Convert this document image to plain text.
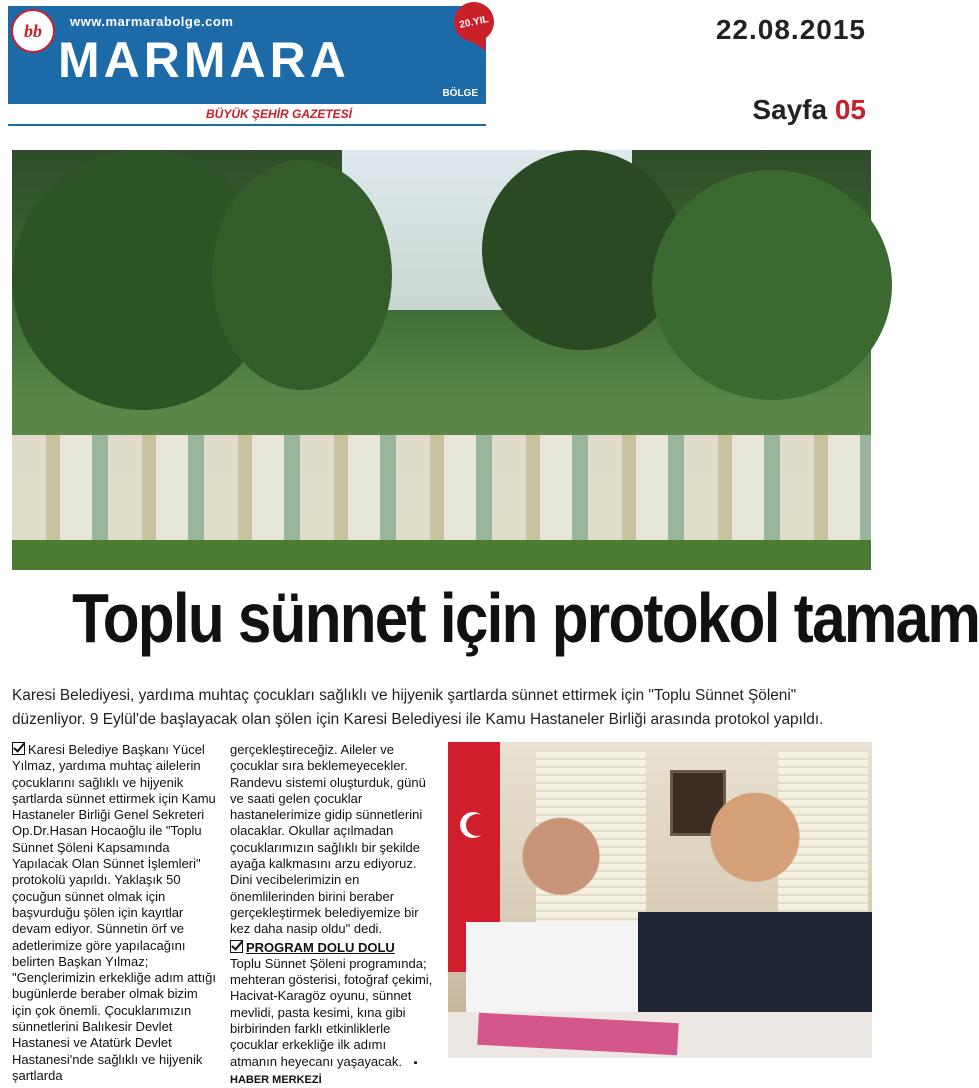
bb www.marmarabolge.com
MARMARA
BÖLGE
20.YIL
BÜYÜK ŞEHİR GAZETESİ
22.08.2015
Sayfa 05
Toplu sünnet için protokol tamam
Karesi Belediyesi, yardıma muhtaç çocukları sağlıklı ve hijyenik şartlarda sünnet ettirmek için "Toplu Sünnet Şöleni" düzenliyor. 9 Eylül'de başlayacak olan şölen için Karesi Belediyesi ile Kamu Hastaneler Birliği arasında protokol yapıldı.
Karesi Belediye Başkanı Yücel Yılmaz, yardıma muhtaç ailelerin çocuklarını sağlıklı ve hijyenik şartlarda sünnet ettirmek için Kamu Hastaneler Birliği Genel Sekreteri Op.Dr.Hasan Hocaoğlu ile "Toplu Sünnet Şöleni Kapsamında Yapılacak Olan Sünnet İşlemleri" protokolü yapıldı. Yaklaşık 50 çocuğun sünnet olmak için başvurduğu şölen için kayıtlar devam ediyor. Sünnetin örf ve adetlerimize göre yapılacağını belirten Başkan Yılmaz; "Gençlerimizin erkekliğe adım attığı bugünlerde beraber olmak bizim için çok önemli. Çocuklarımızın sünnetlerini Balıkesir Devlet Hastanesi ve Atatürk Devlet Hastanesi'nde sağlıklı ve hijyenik şartlarda
gerçekleştireceğiz. Aileler ve çocuklar sıra beklemeyecekler. Randevu sistemi oluşturduk, günü ve saati gelen çocuklar hastanelerimize gidip sünnetlerini olacaklar. Okullar açılmadan çocuklarımızın sağlıklı bir şekilde ayağa kalkmasını arzu ediyoruz. Dini vecibelerimizin en önemlilerinden birini beraber gerçekleştirmek belediyemize bir kez daha nasip oldu" dedi.
PROGRAM DOLU DOLU
Toplu Sünnet Şöleni programında; mehteran gösterisi, fotoğraf çekimi, Hacivat-Karagöz oyunu, sünnet mevlidi, pasta kesimi, kına gibi birbirinden farklı etkinliklerle çocuklar erkekliğe ilk adımı atmanın heyecanı yaşayacak. ▪ HABER MERKEZİ
